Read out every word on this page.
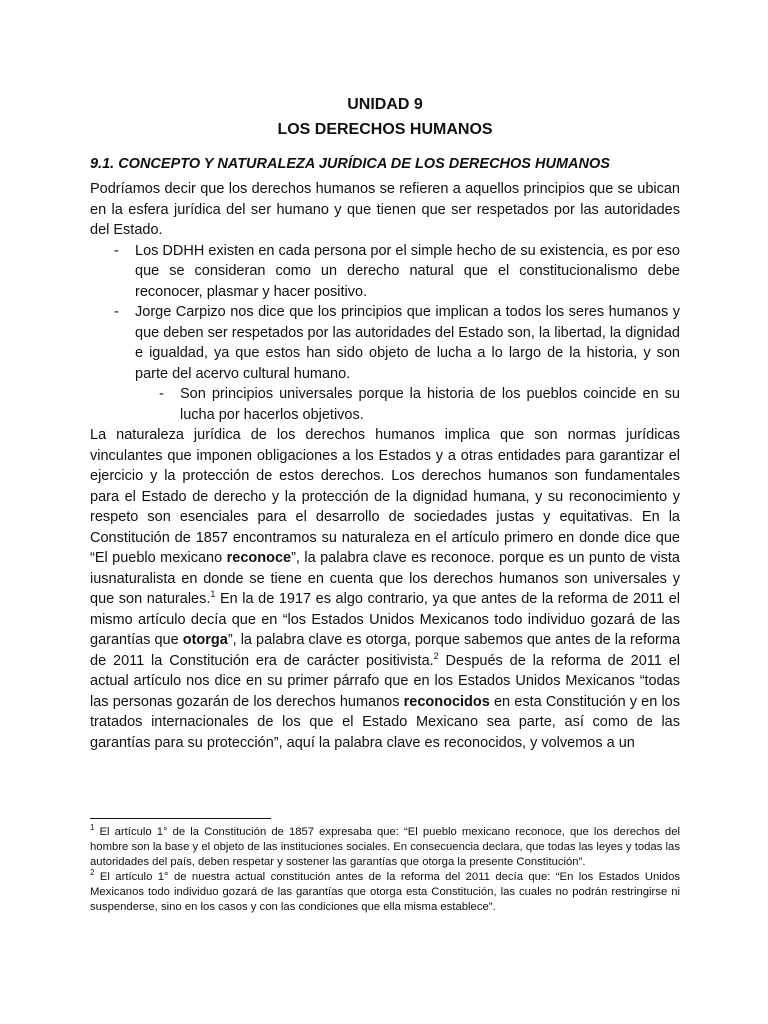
UNIDAD 9
LOS DERECHOS HUMANOS
9.1. CONCEPTO Y NATURALEZA JURÍDICA DE LOS DERECHOS HUMANOS

Podríamos decir que los derechos humanos se refieren a aquellos principios que se ubican en la esfera jurídica del ser humano y que tienen que ser respetados por las autoridades del Estado.

- Los DDHH existen en cada persona por el simple hecho de su existencia, es por eso que se consideran como un derecho natural que el constitucionalismo debe reconocer, plasmar y hacer positivo.
- Jorge Carpizo nos dice que los principios que implican a todos los seres humanos y que deben ser respetados por las autoridades del Estado son, la libertad, la dignidad e igualdad, ya que estos han sido objeto de lucha a lo largo de la historia, y son parte del acervo cultural humano.
- Son principios universales porque la historia de los pueblos coincide en su lucha por hacerlos objetivos.

La naturaleza jurídica de los derechos humanos implica que son normas jurídicas vinculantes que imponen obligaciones a los Estados y a otras entidades para garantizar el ejercicio y la protección de estos derechos. Los derechos humanos son fundamentales para el Estado de derecho y la protección de la dignidad humana, y su reconocimiento y respeto son esenciales para el desarrollo de sociedades justas y equitativas. En la Constitución de 1857 encontramos su naturaleza en el artículo primero en donde dice que “El pueblo mexicano reconoce”, la palabra clave es reconoce. porque es un punto de vista iusnaturalista en donde se tiene en cuenta que los derechos humanos son universales y que son naturales.$^1$ En la de 1917 es algo contrario, ya que antes de la reforma de 2011 el mismo artículo decía que en “los Estados Unidos Mexicanos todo individuo gozará de las garantías que otorga”, la palabra clave es otorga, porque sabemos que antes de la reforma de 2011 la Constitución era de carácter positivista.$^2$ Después de la reforma de 2011 el actual artículo nos dice en su primer párrafo que en los Estados Unidos Mexicanos “todas las personas gozarán de los derechos humanos reconocidos en esta Constitución y en los tratados internacionales de los que el Estado Mexicano sea parte, así como de las garantías para su protección”, aquí la palabra clave es reconocidos, y volvemos a un

$^1$ El artículo 1° de la Constitución de 1857 expresaba que: “El pueblo mexicano reconoce, que los derechos del hombre son la base y el objeto de las instituciones sociales. En consecuencia declara, que todas las leyes y todas las autoridades del país, deben respetar y sostener las garantías que otorga la presente Constitución”.

$^2$ El artículo 1° de nuestra actual constitución antes de la reforma del 2011 decía que: “En los Estados Unidos Mexicanos todo individuo gozará de las garantías que otorga esta Constitución, las cuales no podrán restringirse ni suspenderse, sino en los casos y con las condiciones que ella misma establece”.
